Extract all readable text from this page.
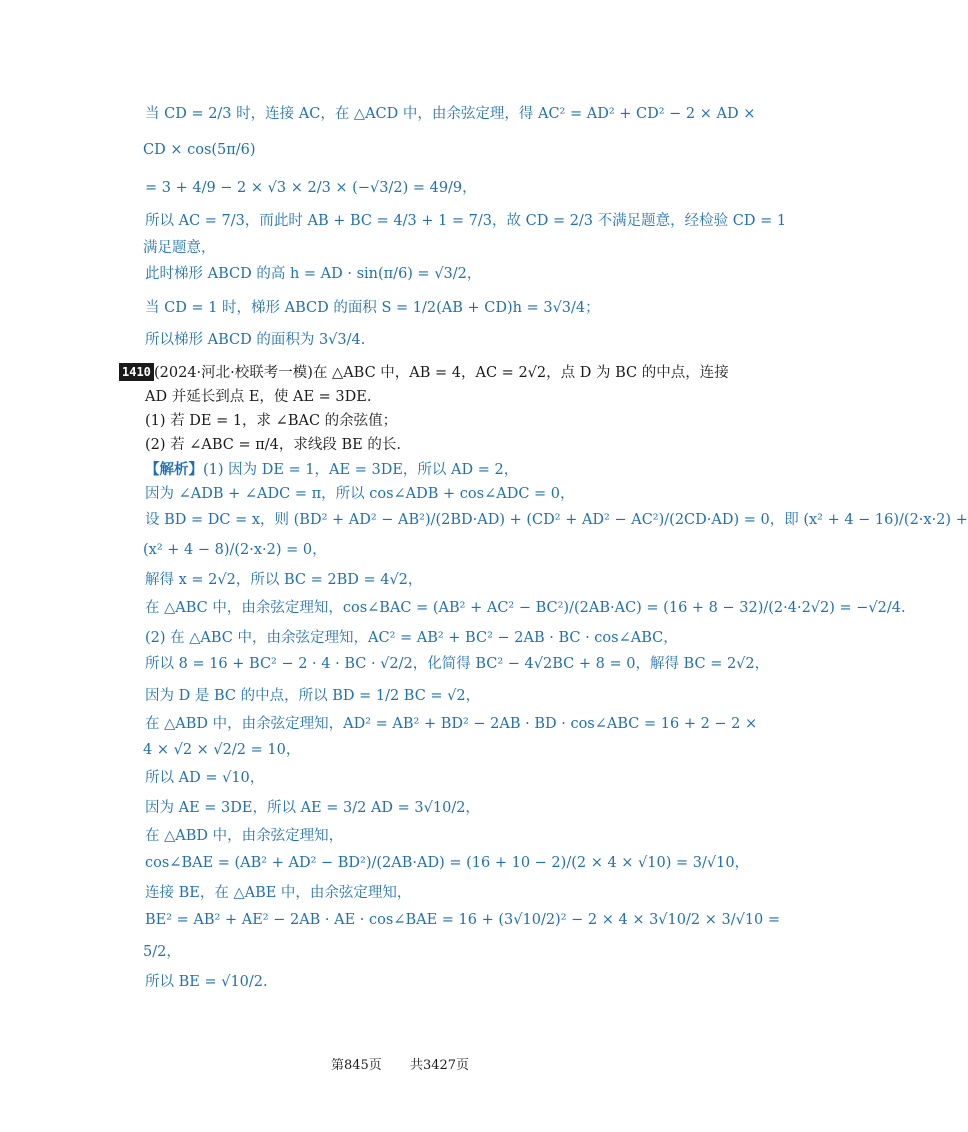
当 CD = 2/3 时，连接 AC，在 △ACD 中，由余弦定理，得 AC² = AD² + CD² − 2 × AD ×
CD × cos(5π/6)
= 3 + 4/9 − 2 × √3 × 2/3 × (−√3/2) = 49/9，
所以 AC = 7/3，而此时 AB + BC = 4/3 + 1 = 7/3，故 CD = 2/3 不满足题意，经检验 CD = 1
满足题意，
此时梯形 ABCD 的高 h = AD · sin(π/6) = √3/2，
当 CD = 1 时，梯形 ABCD 的面积 S = 1/2(AB + CD)h = 3√3/4；
所以梯形 ABCD 的面积为 3√3/4.
1410 (2024·河北·校联考一模)在 △ABC 中，AB = 4，AC = 2√2，点 D 为 BC 的中点，连接
AD 并延长到点 E，使 AE = 3DE.
(1) 若 DE = 1，求 ∠BAC 的余弦值；
(2) 若 ∠ABC = π/4，求线段 BE 的长.
【解析】(1) 因为 DE = 1，AE = 3DE，所以 AD = 2，
因为 ∠ADB + ∠ADC = π，所以 cos∠ADB + cos∠ADC = 0，
设 BD = DC = x，则 (BD² + AD² − AB²)/(2BD·AD) + (CD² + AD² − AC²)/(2CD·AD) = 0，即 (x² + 4 − 16)/(2·x·2) +
(x² + 4 − 8)/(2·x·2) = 0，
解得 x = 2√2，所以 BC = 2BD = 4√2，
在 △ABC 中，由余弦定理知，cos∠BAC = (AB² + AC² − BC²)/(2AB·AC) = (16 + 8 − 32)/(2·4·2√2) = −√2/4.
(2) 在 △ABC 中，由余弦定理知，AC² = AB² + BC² − 2AB · BC · cos∠ABC，
所以 8 = 16 + BC² − 2 · 4 · BC · √2/2，化简得 BC² − 4√2BC + 8 = 0，解得 BC = 2√2，
因为 D 是 BC 的中点，所以 BD = 1/2 BC = √2，
在 △ABD 中，由余弦定理知，AD² = AB² + BD² − 2AB · BD · cos∠ABC = 16 + 2 − 2 ×
4 × √2 × √2/2 = 10，
所以 AD = √10，
因为 AE = 3DE，所以 AE = 3/2 AD = 3√10/2，
在 △ABD 中，由余弦定理知，
cos∠BAE = (AB² + AD² − BD²)/(2AB·AD) = (16 + 10 − 2)/(2 × 4 × √10) = 3/√10，
连接 BE，在 △ABE 中，由余弦定理知，
BE² = AB² + AE² − 2AB · AE · cos∠BAE = 16 + (3√10/2)² − 2 × 4 × 3√10/2 × 3/√10 =
5/2，
所以 BE = √10/2.
第845页 共3427页
